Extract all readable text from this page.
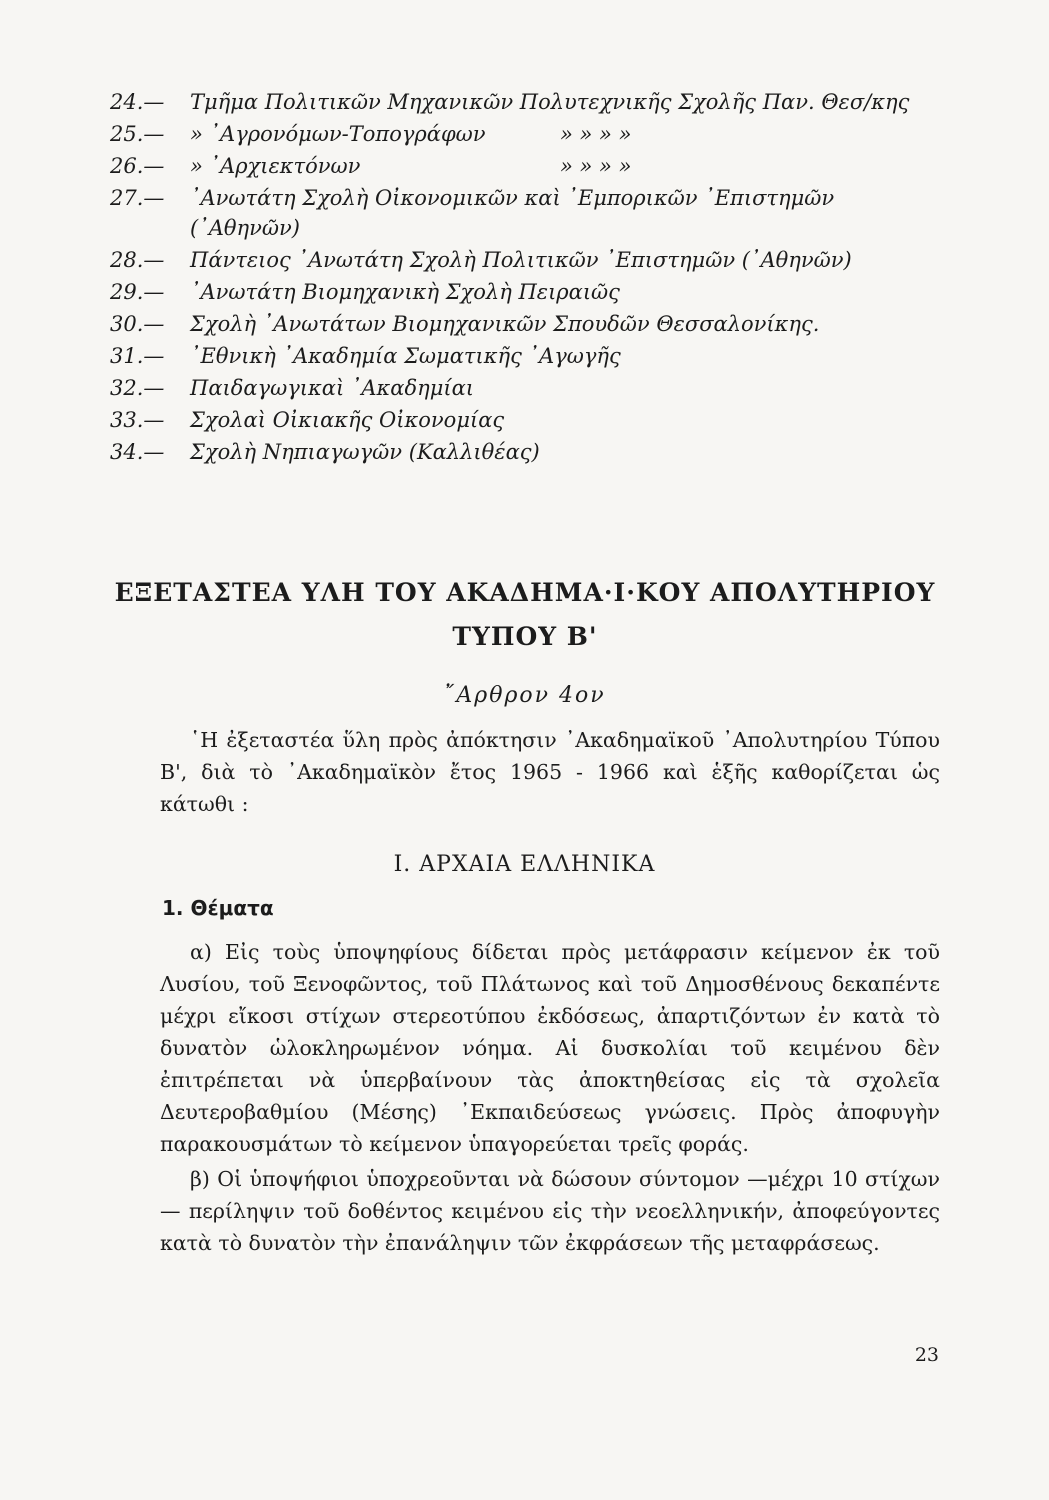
24.—	Τμῆμα Πολιτικῶν Μηχανικῶν Πολυτεχνικῆς Σχολῆς Παν. Θεσ/κης
25.—	» ᾿Αγρονόμων-Τοπογράφων	» » » »
26.—	» ᾿Αρχιεκτόνων	» » » »
27.—	᾿Ανωτάτη Σχολὴ Οἰκονομικῶν καὶ ᾿Εμπορικῶν ᾿Επιστημῶν
(᾿Αθηνῶν)
28.—	Πάντειος ᾿Ανωτάτη Σχολὴ Πολιτικῶν ᾿Επιστημῶν (᾿Αθηνῶν)
29.—	᾿Ανωτάτη Βιομηχανικὴ Σχολὴ Πειραιῶς
30.—	Σχολὴ ᾿Ανωτάτων Βιομηχανικῶν Σπουδῶν Θεσσαλονίκης.
31.—	᾿Εθνικὴ ᾿Ακαδημία Σωματικῆς ᾿Αγωγῆς
32.—	Παιδαγωγικαὶ ᾿Ακαδημίαι
33.—	Σχολαὶ Οἰκιακῆς Οἰκονομίας
34.—	Σχολὴ Νηπιαγωγῶν (Καλλιθέας)
ΕΞΕΤΑΣΤΕΑ ΥΛΗ ΤΟΥ ΑΚΑΔΗΜΑ·Ι·ΚΟΥ ΑΠΟΛΥΤΗΡΙΟΥ
ΤΥΠΟΥ Β'
῎Αρθρον 4ον
῾Η ἐξεταστέα ὕλη πρὸς ἀπόκτησιν ᾿Ακαδημαϊκοῦ ᾿Απολυτηρίου Τύπου Β', διὰ τὸ ᾿Ακαδημαϊκὸν ἔτος 1965 - 1966 καὶ ἑξῆς καθορίζεται ὡς κάτωθι :
Ι. ΑΡΧΑΙΑ ΕΛΛΗΝΙΚΑ
1. Θέματα
α) Εἰς τοὺς ὑποψηφίους δίδεται πρὸς μετάφρασιν κείμενον ἐκ τοῦ Λυσίου, τοῦ Ξενοφῶντος, τοῦ Πλάτωνος καὶ τοῦ Δημοσθένους δεκαπέντε μέχρι εἴκοσι στίχων στερεοτύπου ἐκδόσεως, ἀπαρτιζόντων ἐν κατὰ τὸ δυνατὸν ὡλοκληρωμένον νόημα. Αἱ δυσκολίαι τοῦ κειμένου δὲν ἐπιτρέπεται νὰ ὑπερβαίνουν τὰς ἀποκτηθείσας εἰς τὰ σχολεῖα Δευτεροβαθμίου (Μέσης) ᾿Εκπαιδεύσεως γνώσεις. Πρὸς ἀποφυγὴν παρακουσμάτων τὸ κείμενον ὑπαγορεύεται τρεῖς φοράς.
β) Οἱ ὑποψήφιοι ὑποχρεοῦνται νὰ δώσουν σύντομον —μέχρι 10 στίχων— περίληψιν τοῦ δοθέντος κειμένου εἰς τὴν νεοελληνικήν, ἀποφεύγοντες κατὰ τὸ δυνατὸν τὴν ἐπανάληψιν τῶν ἐκφράσεων τῆς μεταφράσεως.
23
